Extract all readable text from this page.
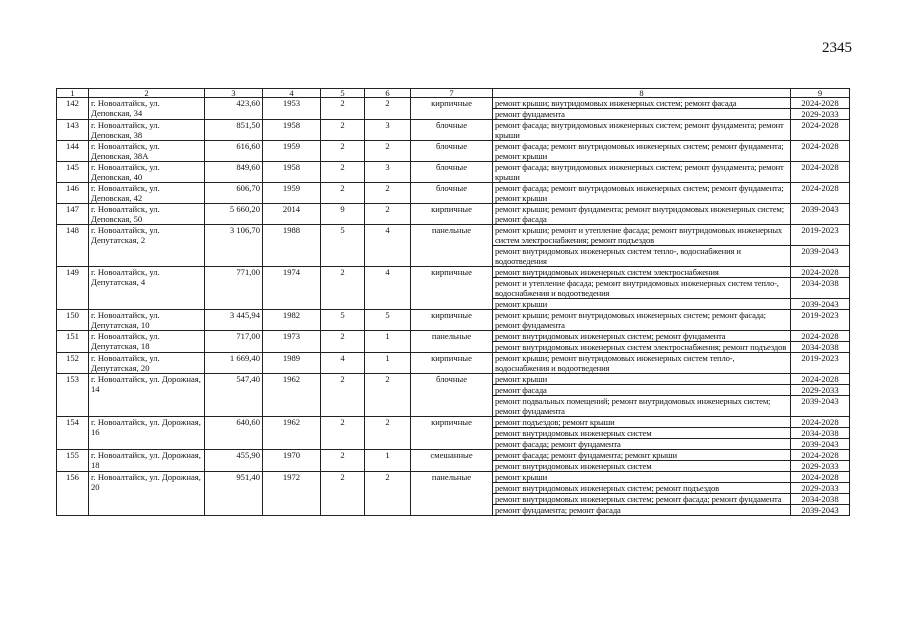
2345
1	2	3	4	5	6	7	8	9
142	г. Новоалтайск, ул. Деповская, 34	423,60	1953	2	2	кирпичные	ремонт крыши; внутридомовых инженерных систем; ремонт фасада	2024-2028
							ремонт фундамента	2029-2033
143	г. Новоалтайск, ул. Деповская, 38	851,50	1958	2	3	блочные	ремонт фасада; внутридомовых инженерных систем; ремонт фундамента; ремонт крыши	2024-2028
144	г. Новоалтайск, ул. Деповская, 38А	616,60	1959	2	2	блочные	ремонт фасада; ремонт внутридомовых инженерных систем; ремонт фундамента; ремонт крыши	2024-2028
145	г. Новоалтайск, ул. Деповская, 40	849,60	1958	2	3	блочные	ремонт фасада; внутридомовых инженерных систем; ремонт фундамента; ремонт крыши	2024-2028
146	г. Новоалтайск, ул. Деповская, 42	606,70	1959	2	2	блочные	ремонт фасада; ремонт внутридомовых инженерных систем; ремонт фундамента; ремонт крыши	2024-2028
147	г. Новоалтайск, ул. Деповская, 50	5 660,20	2014	9	2	кирпичные	ремонт крыши; ремонт фундамента; ремонт внутридомовых инженерных систем; ремонт фасада	2039-2043
148	г. Новоалтайск, ул. Депутатская, 2	3 106,70	1988	5	4	панельные	ремонт крыши; ремонт и утепление фасада; ремонт внутридомовых инженерных систем электроснабжения; ремонт подъездов	2019-2023
							ремонт внутридомовых инженерных систем тепло-, водоснабжения и водоотведения	2039-2043
149	г. Новоалтайск, ул. Депутатская, 4	771,00	1974	2	4	кирпичные	ремонт внутридомовых инженерных систем электроснабжения	2024-2028
							ремонт и утепление фасада; ремонт внутридомовых инженерных систем тепло-, водоснабжения и водоотведения	2034-2038
							ремонт крыши	2039-2043
150	г. Новоалтайск, ул. Депутатская, 10	3 445,94	1982	5	5	кирпичные	ремонт крыши; ремонт внутридомовых инженерных систем; ремонт фасада; ремонт фундамента	2019-2023
151	г. Новоалтайск, ул. Депутатская, 18	717,00	1973	2	1	панельные	ремонт внутридомовых инженерных систем; ремонт фундамента	2024-2028
							ремонт внутридомовых инженерных систем электроснабжения; ремонт подъездов	2034-2038
152	г. Новоалтайск, ул. Депутатская, 20	1 669,40	1989	4	1	кирпичные	ремонт крыши; ремонт внутридомовых инженерных систем тепло-, водоснабжения и водоотведения	2019-2023
153	г. Новоалтайск, ул. Дорожная, 14	547,40	1962	2	2	блочные	ремонт крыши	2024-2028
							ремонт фасада	2029-2033
							ремонт подвальных помещений; ремонт внутридомовых инженерных систем; ремонт фундамента	2039-2043
154	г. Новоалтайск, ул. Дорожная, 16	640,60	1962	2	2	кирпичные	ремонт подъездов; ремонт крыши	2024-2028
							ремонт внутридомовых инженерных систем	2034-2038
							ремонт фасада; ремонт фундамента	2039-2043
155	г. Новоалтайск, ул. Дорожная, 18	455,90	1970	2	1	смешанные	ремонт фасада; ремонт фундамента; ремонт крыши	2024-2028
							ремонт внутридомовых инженерных систем	2029-2033
156	г. Новоалтайск, ул. Дорожная, 20	951,40	1972	2	2	панельные	ремонт крыши	2024-2028
							ремонт внутридомовых инженерных систем; ремонт подъездов	2029-2033
							ремонт внутридомовых инженерных систем; ремонт фасада; ремонт фундамента	2034-2038
							ремонт фундамента; ремонт фасада	2039-2043
